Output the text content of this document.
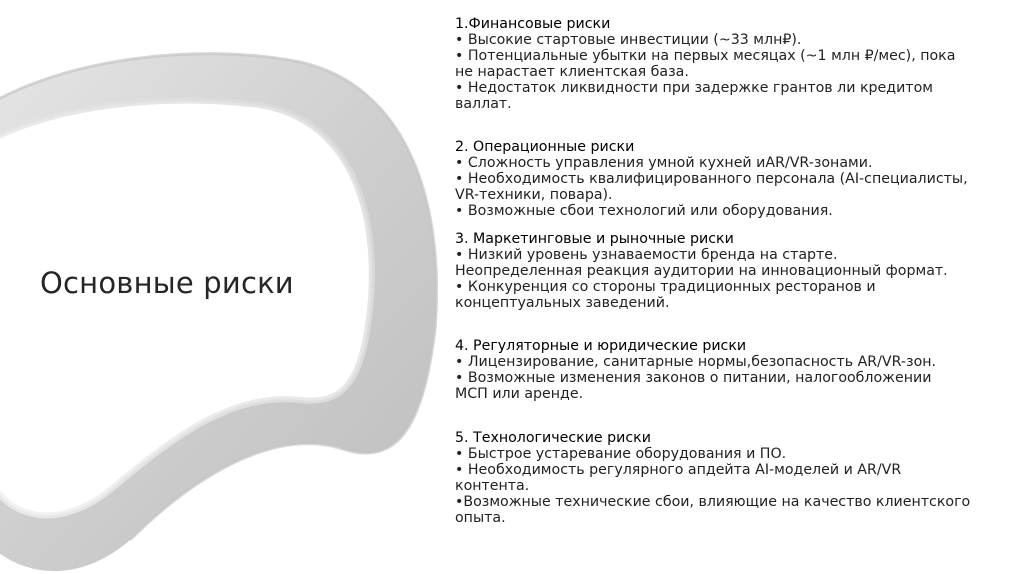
Основные риски
1.Финансовые риски
• Высокие стартовые инвестиции (~33 млн₽).
• Потенциальные убытки на первых месяцах (~1 млн ₽/мес), пока
не нарастает клиентская база.
• Недостаток ликвидности при задержке грантов ли кредитом
валлат.
2. Операционные риски
• Сложность управления умной кухней иAR/VR-зонами.
• Необходимость квалифицированного персонала (AI-специалисты,
VR-техники, повара).
• Возможные сбои технологий или оборудования.
3. Маркетинговые и рыночные риски
• Низкий уровень узнаваемости бренда на старте.
Неопределенная реакция аудитории на инновационный формат.
• Конкуренция со стороны традиционных ресторанов и
концептуальных заведений.
4. Регуляторные и юридические риски
• Лицензирование, санитарные нормы,безопасность AR/VR-зон.
• Возможные изменения законов о питании, налогообложении
МСП или аренде.
5. Технологические риски
• Быстрое устаревание оборудования и ПО.
• Необходимость регулярного апдейта AI-моделей и AR/VR
контента.
•Возможные технические сбои, влияющие на качество клиентского
опыта.
